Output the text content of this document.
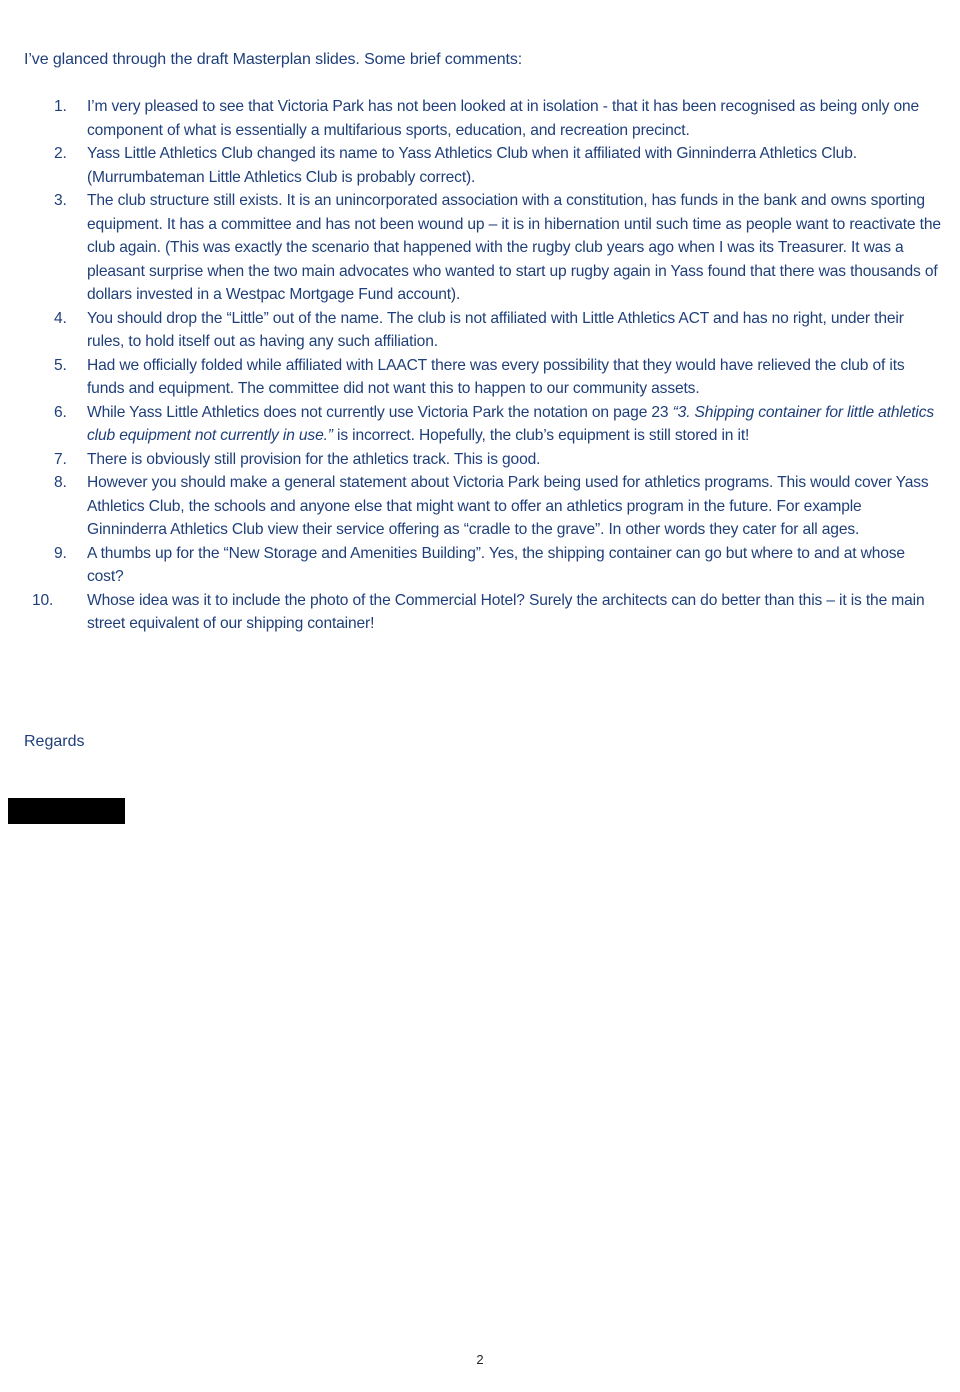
I’ve glanced through the draft Masterplan slides. Some brief comments:

1.	I’m very pleased to see that Victoria Park has not been looked at in isolation - that it has been recognised as being only one component of what is essentially a multifarious sports, education, and recreation precinct.
2.	Yass Little Athletics Club changed its name to Yass Athletics Club when it affiliated with Ginninderra Athletics Club. (Murrumbateman Little Athletics Club is probably correct).
3.	The club structure still exists. It is an unincorporated association with a constitution, has funds in the bank and owns sporting equipment. It has a committee and has not been wound up – it is in hibernation until such time as people want to reactivate the club again. (This was exactly the scenario that happened with the rugby club years ago when I was its Treasurer. It was a pleasant surprise when the two main advocates who wanted to start up rugby again in Yass found that there was thousands of dollars invested in a Westpac Mortgage Fund account).
4.	You should drop the “Little” out of the name. The club is not affiliated with Little Athletics ACT and has no right, under their rules, to hold itself out as having any such affiliation.
5.	Had we officially folded while affiliated with LAACT there was every possibility that they would have relieved the club of its funds and equipment. The committee did not want this to happen to our community assets.
6.	While Yass Little Athletics does not currently use Victoria Park the notation on page 23 “3. Shipping container for little athletics club equipment not currently in use.” is incorrect. Hopefully, the club’s equipment is still stored in it!
7.	There is obviously still provision for the athletics track. This is good.
8.	However you should make a general statement about Victoria Park being used for athletics programs. This would cover Yass Athletics Club, the schools and anyone else that might want to offer an athletics program in the future. For example Ginninderra Athletics Club view their service offering as “cradle to the grave”. In other words they cater for all ages.
9.	A thumbs up for the “New Storage and Amenities Building”. Yes, the shipping container can go but where to and at whose cost?
10. Whose idea was it to include the photo of the Commercial Hotel? Surely the architects can do better than this – it is the main street equivalent of our shipping container!

Regards

2
